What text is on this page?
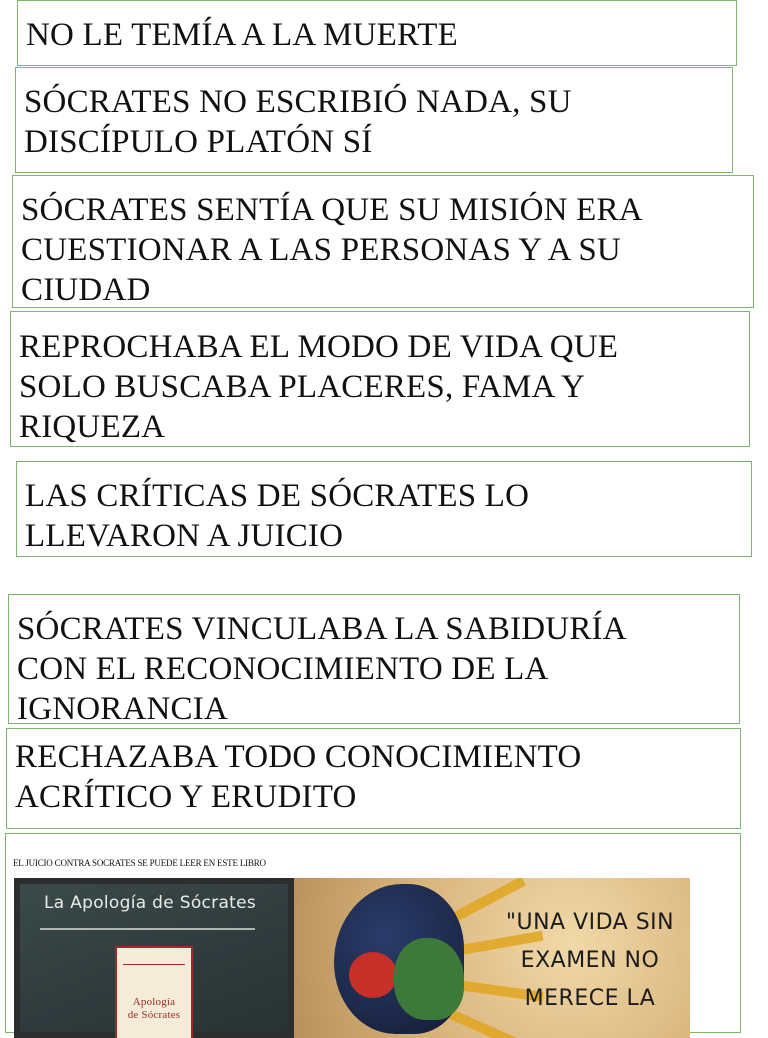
NO LE TEMÍA A LA MUERTE
SÓCRATES NO ESCRIBIÓ NADA, SU
DISCÍPULO PLATÓN SÍ
SÓCRATES SENTÍA QUE SU MISIÓN ERA
CUESTIONAR A LAS PERSONAS Y A SU
CIUDAD
REPROCHABA EL MODO DE VIDA QUE
SOLO BUSCABA PLACERES, FAMA Y
RIQUEZA
LAS CRÍTICAS DE SÓCRATES LO
LLEVARON A JUICIO
SÓCRATES VINCULABA LA SABIDURÍA
CON EL RECONOCIMIENTO DE LA
IGNORANCIA
RECHAZABA TODO CONOCIMIENTO
ACRÍTICO Y ERUDITO
EL JUICIO CONTRA SOCRATES SE PUEDE LEER EN ESTE LIBRO
La Apología de Sócrates
Apología
de Sócrates
"UNA VIDA SIN
EXAMEN NO
MERECE LA
